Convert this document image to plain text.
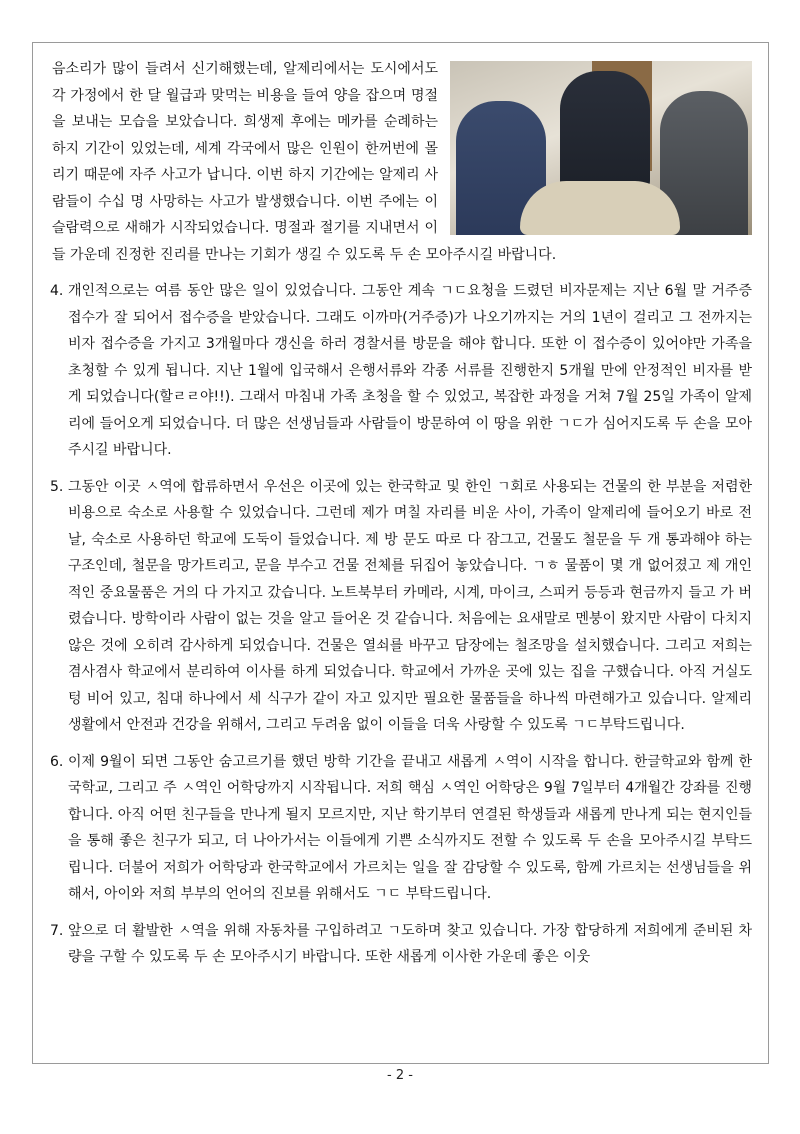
음소리가 많이 들려서 신기해했는데, 알제리에서는 도시에서도 각 가정에서 한 달 월급과 맞먹는 비용을 들여 양을 잡으며 명절을 보내는 모습을 보았습니다. 희생제 후에는 메카를 순례하는 하지 기간이 있었는데, 세계 각국에서 많은 인원이 한꺼번에 몰리기 때문에 자주 사고가 납니다. 이번 하지 기간에는 알제리 사람들이 수십 명 사망하는 사고가 발생했습니다. 이번 주에는 이슬람력으로 새해가 시작되었습니다. 명절과 절기를 지내면서 이들 가운데 진정한 진리를 만나는 기회가 생길 수 있도록 두 손 모아주시길 바랍니다.
4. 개인적으로는 여름 동안 많은 일이 있었습니다. 그동안 계속 ㄱㄷ요청을 드렸던 비자문제는 지난 6월 말 거주증 접수가 잘 되어서 접수증을 받았습니다. 그래도 이까마(거주증)가 나오기까지는 거의 1년이 걸리고 그 전까지는 비자 접수증을 가지고 3개월마다 갱신을 하러 경찰서를 방문을 해야 합니다. 또한 이 접수증이 있어야만 가족을 초청할 수 있게 됩니다. 지난 1월에 입국해서 은행서류와 각종 서류를 진행한지 5개월 만에 안정적인 비자를 받게 되었습니다(할ㄹㄹ야!!). 그래서 마침내 가족 초청을 할 수 있었고, 복잡한 과정을 거쳐 7월 25일 가족이 알제리에 들어오게 되었습니다. 더 많은 선생님들과 사람들이 방문하여 이 땅을 위한 ㄱㄷ가 심어지도록 두 손을 모아주시길 바랍니다.
5. 그동안 이곳 ㅅ역에 합류하면서 우선은 이곳에 있는 한국학교 및 한인 ㄱ회로 사용되는 건물의 한 부분을 저렴한 비용으로 숙소로 사용할 수 있었습니다. 그런데 제가 며칠 자리를 비운 사이, 가족이 알제리에 들어오기 바로 전날, 숙소로 사용하던 학교에 도둑이 들었습니다. 제 방 문도 따로 다 잠그고, 건물도 철문을 두 개 통과해야 하는 구조인데, 철문을 망가트리고, 문을 부수고 건물 전체를 뒤집어 놓았습니다. ㄱㅎ 물품이 몇 개 없어졌고 제 개인적인 중요물품은 거의 다 가지고 갔습니다. 노트북부터 카메라, 시계, 마이크, 스피커 등등과 현금까지 들고 가 버렸습니다. 방학이라 사람이 없는 것을 알고 들어온 것 같습니다. 처음에는 요새말로 멘붕이 왔지만 사람이 다치지 않은 것에 오히려 감사하게 되었습니다. 건물은 열쇠를 바꾸고 담장에는 철조망을 설치했습니다. 그리고 저희는 겸사겸사 학교에서 분리하여 이사를 하게 되었습니다. 학교에서 가까운 곳에 있는 집을 구했습니다. 아직 거실도 텅 비어 있고, 침대 하나에서 세 식구가 같이 자고 있지만 필요한 물품들을 하나씩 마련해가고 있습니다. 알제리 생활에서 안전과 건강을 위해서, 그리고 두려움 없이 이들을 더욱 사랑할 수 있도록 ㄱㄷ부탁드립니다.
6. 이제 9월이 되면 그동안 숨고르기를 했던 방학 기간을 끝내고 새롭게 ㅅ역이 시작을 합니다. 한글학교와 함께 한국학교, 그리고 주 ㅅ역인 어학당까지 시작됩니다. 저희 핵심 ㅅ역인 어학당은 9월 7일부터 4개월간 강좌를 진행합니다. 아직 어떤 친구들을 만나게 될지 모르지만, 지난 학기부터 연결된 학생들과 새롭게 만나게 되는 현지인들을 통해 좋은 친구가 되고, 더 나아가서는 이들에게 기쁜 소식까지도 전할 수 있도록 두 손을 모아주시길 부탁드립니다. 더불어 저희가 어학당과 한국학교에서 가르치는 일을 잘 감당할 수 있도록, 함께 가르치는 선생님들을 위해서, 아이와 저희 부부의 언어의 진보를 위해서도 ㄱㄷ 부탁드립니다.
7. 앞으로 더 활발한 ㅅ역을 위해 자동차를 구입하려고 ㄱ도하며 찾고 있습니다. 가장 합당하게 저희에게 준비된 차량을 구할 수 있도록 두 손 모아주시기 바랍니다. 또한 새롭게 이사한 가운데 좋은 이웃
- 2 -
